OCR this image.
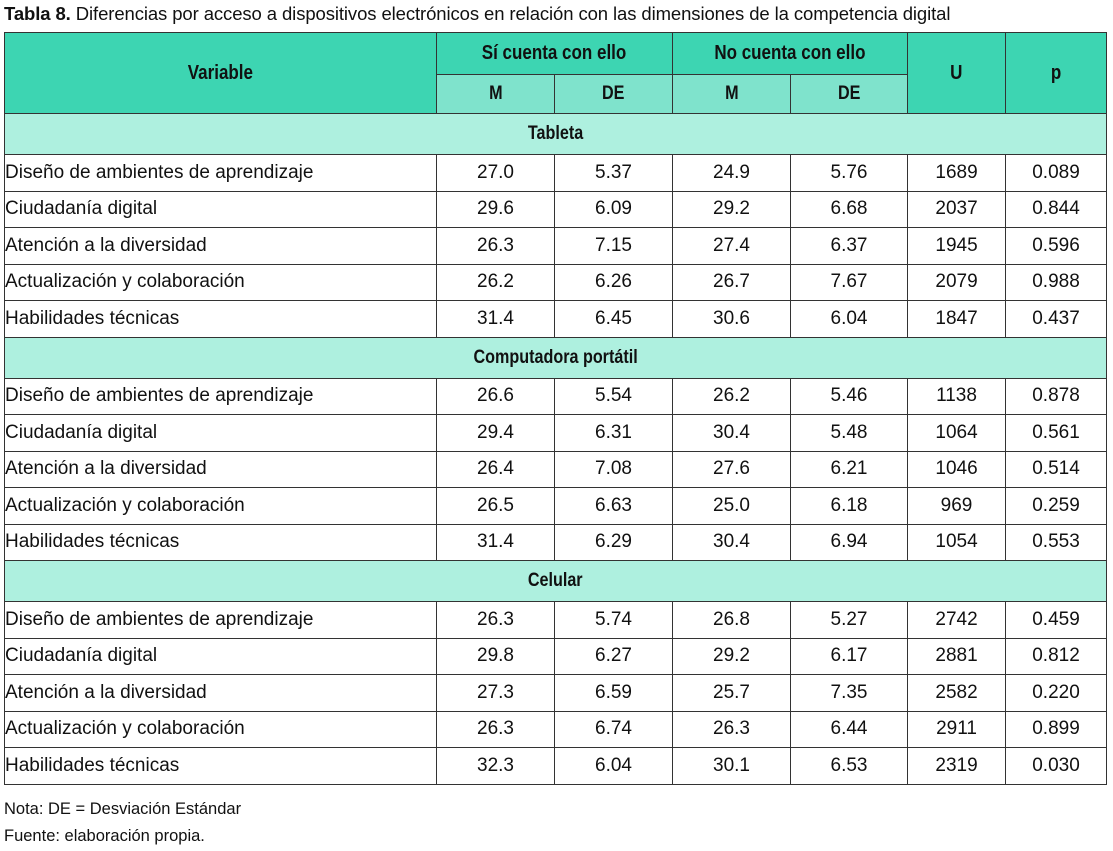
Tabla 8. Diferencias por acceso a dispositivos electrónicos en relación con las dimensiones de la competencia digital
Variable	Sí cuenta con ello		No cuenta con ello		U	p
	M	DE	M	DE		
Tableta						
Diseño de ambientes de aprendizaje	27.0	5.37	24.9	5.76	1689	0.089
Ciudadanía digital	29.6	6.09	29.2	6.68	2037	0.844
Atención a la diversidad	26.3	7.15	27.4	6.37	1945	0.596
Actualización y colaboración	26.2	6.26	26.7	7.67	2079	0.988
Habilidades técnicas	31.4	6.45	30.6	6.04	1847	0.437
Computadora portátil						
Diseño de ambientes de aprendizaje	26.6	5.54	26.2	5.46	1138	0.878
Ciudadanía digital	29.4	6.31	30.4	5.48	1064	0.561
Atención a la diversidad	26.4	7.08	27.6	6.21	1046	0.514
Actualización y colaboración	26.5	6.63	25.0	6.18	969	0.259
Habilidades técnicas	31.4	6.29	30.4	6.94	1054	0.553
Celular						
Diseño de ambientes de aprendizaje	26.3	5.74	26.8	5.27	2742	0.459
Ciudadanía digital	29.8	6.27	29.2	6.17	2881	0.812
Atención a la diversidad	27.3	6.59	25.7	7.35	2582	0.220
Actualización y colaboración	26.3	6.74	26.3	6.44	2911	0.899
Habilidades técnicas	32.3	6.04	30.1	6.53	2319	0.030
Nota: DE = Desviación Estándar
Fuente: elaboración propia.
